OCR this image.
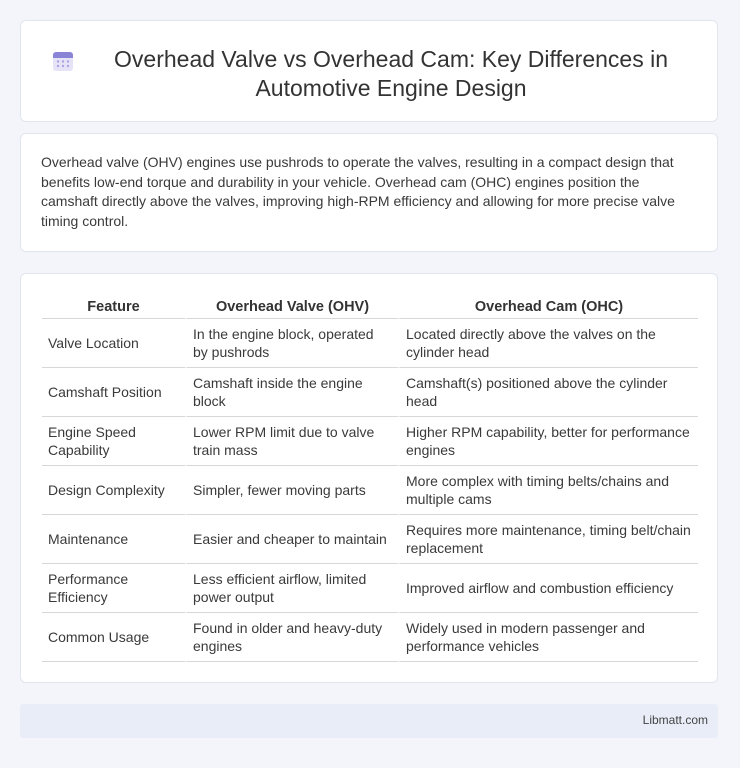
Overhead Valve vs Overhead Cam: Key Differences in Automotive Engine Design

Overhead valve (OHV) engines use pushrods to operate the valves, resulting in a compact design that benefits low-end torque and durability in your vehicle. Overhead cam (OHC) engines position the camshaft directly above the valves, improving high-RPM efficiency and allowing for more precise valve timing control.

Feature	Overhead Valve (OHV)	Overhead Cam (OHC)
Valve Location	In the engine block, operated by pushrods	Located directly above the valves on the cylinder head
Camshaft Position	Camshaft inside the engine block	Camshaft(s) positioned above the cylinder head
Engine Speed Capability	Lower RPM limit due to valve train mass	Higher RPM capability, better for performance engines
Design Complexity	Simpler, fewer moving parts	More complex with timing belts/chains and multiple cams
Maintenance	Easier and cheaper to maintain	Requires more maintenance, timing belt/chain replacement
Performance Efficiency	Less efficient airflow, limited power output	Improved airflow and combustion efficiency
Common Usage	Found in older and heavy-duty engines	Widely used in modern passenger and performance vehicles
Libmatt.com
